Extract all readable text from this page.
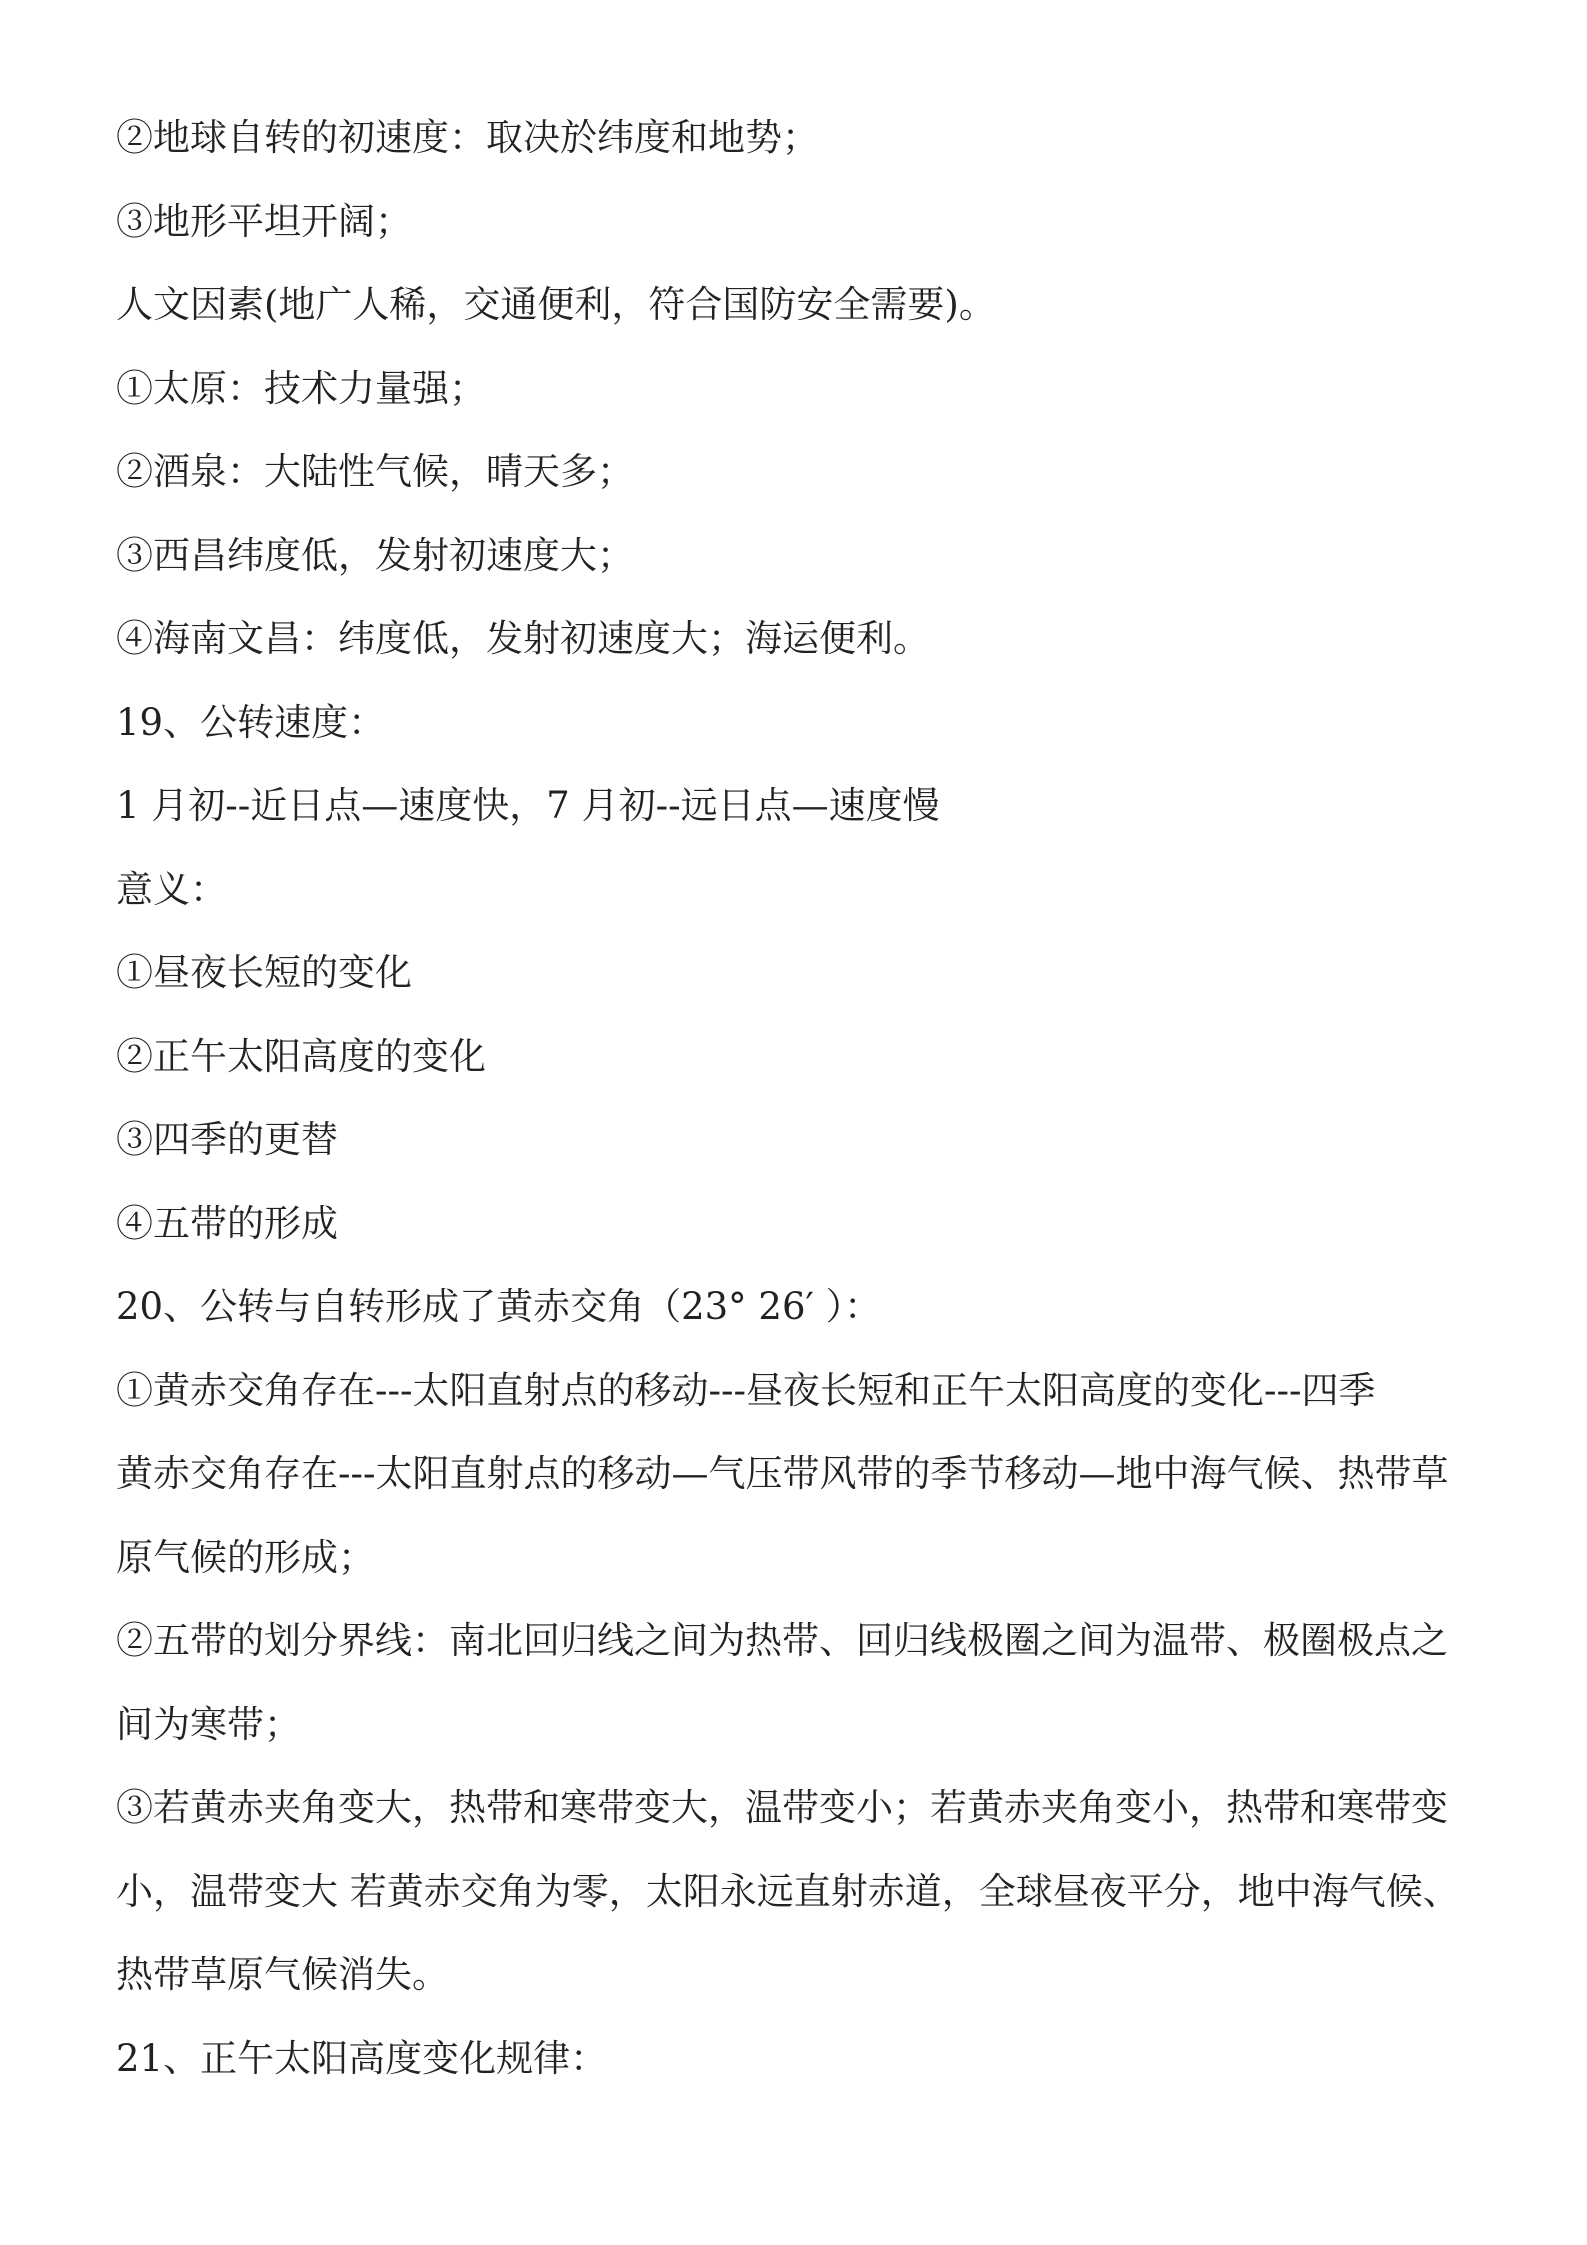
②地球自转的初速度：取决於纬度和地势；
③地形平坦开阔；
人文因素(地广人稀，交通便利，符合国防安全需要)。
①太原：技术力量强；
②酒泉：大陆性气候，晴天多；
③西昌纬度低，发射初速度大；
④海南文昌：纬度低，发射初速度大；海运便利。
19、公转速度：
1 月初--近日点—速度快，7 月初--远日点—速度慢
意义：
①昼夜长短的变化
②正午太阳高度的变化
③四季的更替
④五带的形成
20、公转与自转形成了黄赤交角（23° 26′ ）：
①黄赤交角存在---太阳直射点的移动---昼夜长短和正午太阳高度的变化---四季
黄赤交角存在---太阳直射点的移动—气压带风带的季节移动—地中海气候、热带草
原气候的形成；
②五带的划分界线：南北回归线之间为热带、回归线极圈之间为温带、极圈极点之
间为寒带；
③若黄赤夹角变大，热带和寒带变大，温带变小；若黄赤夹角变小，热带和寒带变
小，温带变大 若黄赤交角为零，太阳永远直射赤道，全球昼夜平分，地中海气候、
热带草原气候消失。
21、正午太阳高度变化规律：
